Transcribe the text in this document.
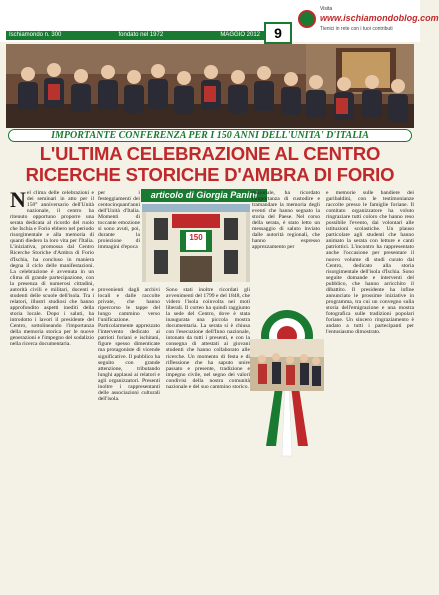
Ischiamondo n. 300	fondato nel 1972	MAGGIO 2012	9
Visita
www.ischiamondoblog.com
Tienici in rete con i tuoi contributi
IMPORTANTE CONFERENZA PER I 150 ANNI DELL'UNITA' D'ITALIA
L'ULTIMA CELEBRAZIONE AL CENTRO
RICERCHE STORICHE D'AMBRA DI FORIO
articolo di Giorgia Panini
Nel clima delle celebrazioni e dei seminari in atto per il 150° anniversario dell'Unità nazionale, il centro ha ritenuto opportuno proporre una serata dedicata al ricordo del ruolo che Ischia e Forio ebbero nel periodo risorgimentale e alla memoria di quanti diedero la loro vita per l'Italia. L'iniziativa, promossa dal Centro Ricerche Storiche d'Ambra di Forio d'Ischia, ha concluso in maniera degna il ciclo delle manifestazioni. La celebrazione è avvenuta in un clima di grande partecipazione, con la presenza di numerosi cittadini, autorità civili e militari, docenti e studenti delle scuole dell'isola. Tra i relatori, illustri studiosi che hanno approfondito aspetti inediti della storia locale. Dopo i saluti, ha introdotto i lavori il presidente del Centro, sottolineando l'importanza della memoria storica per le nuove generazioni e l'impegno del sodalizio nella ricerca documentaria.
per i festeggiamenti dei centocinquant'anni dell'Unità d'Italia. Momenti di toccante emozione si sono avuti, poi, durante la proiezione di immagini d'epoca
150
provenienti dagli archivi locali e dalle raccolte private, che hanno ripercorso le tappe del lungo cammino verso l'unificazione. Particolarmente apprezzato l'intervento dedicato ai patrioti foriani e ischitani, figure spesso dimenticate ma protagoniste di vicende significative. Il pubblico ha seguito con grande attenzione, tributando lunghi applausi ai relatori e agli organizzatori. Presenti inoltre i rappresentanti delle associazioni culturali dell'isola.
Sono stati inoltre ricordati gli avvenimenti del 1799 e del 1848, che videro l'isola coinvolta nei moti liberali. Il corteo ha quindi raggiunto la sede del Centro, dove è stata inaugurata una piccola mostra documentaria. La serata si è chiusa con l'esecuzione dell'Inno nazionale, intonato da tutti i presenti, e con la consegna di attestati ai giovani studenti che hanno collaborato alle ricerche. Un momento di festa e di riflessione che ha saputo unire passato e presente, tradizione e impegno civile, nel segno dei valori condivisi della nostra comunità nazionale e del suo cammino storico.
nazionale, ha ricordato l'importanza di custodire e tramandare la memoria degli eventi che hanno segnato la storia del Paese. Nel corso della serata, è stato letto un messaggio di saluto inviato dalle autorità regionali, che hanno espresso apprezzamento per
e memorie sulle bandiere dei garibaldini, con le testimonianze raccolte presso le famiglie foriane. Il comitato organizzatore ha voluto ringraziare tutti coloro che hanno reso possibile l'evento, dai volontari alle istituzioni scolastiche. Un plauso particolare agli studenti che hanno animato la serata con letture e canti patriottici. L'incontro ha rappresentato anche l'occasione per presentare il nuovo volume di studi curato dal Centro, dedicato alla storia risorgimentale dell'isola d'Ischia. Sono seguite domande e interventi del pubblico, che hanno arricchito il dibattito. Il presidente ha infine annunciato le prossime iniziative in programma, tra cui un convegno sulla storia dell'emigrazione e una mostra fotografica sulle tradizioni popolari foriane. Un sincero ringraziamento è andato a tutti i partecipanti per l'entusiasmo dimostrato.
